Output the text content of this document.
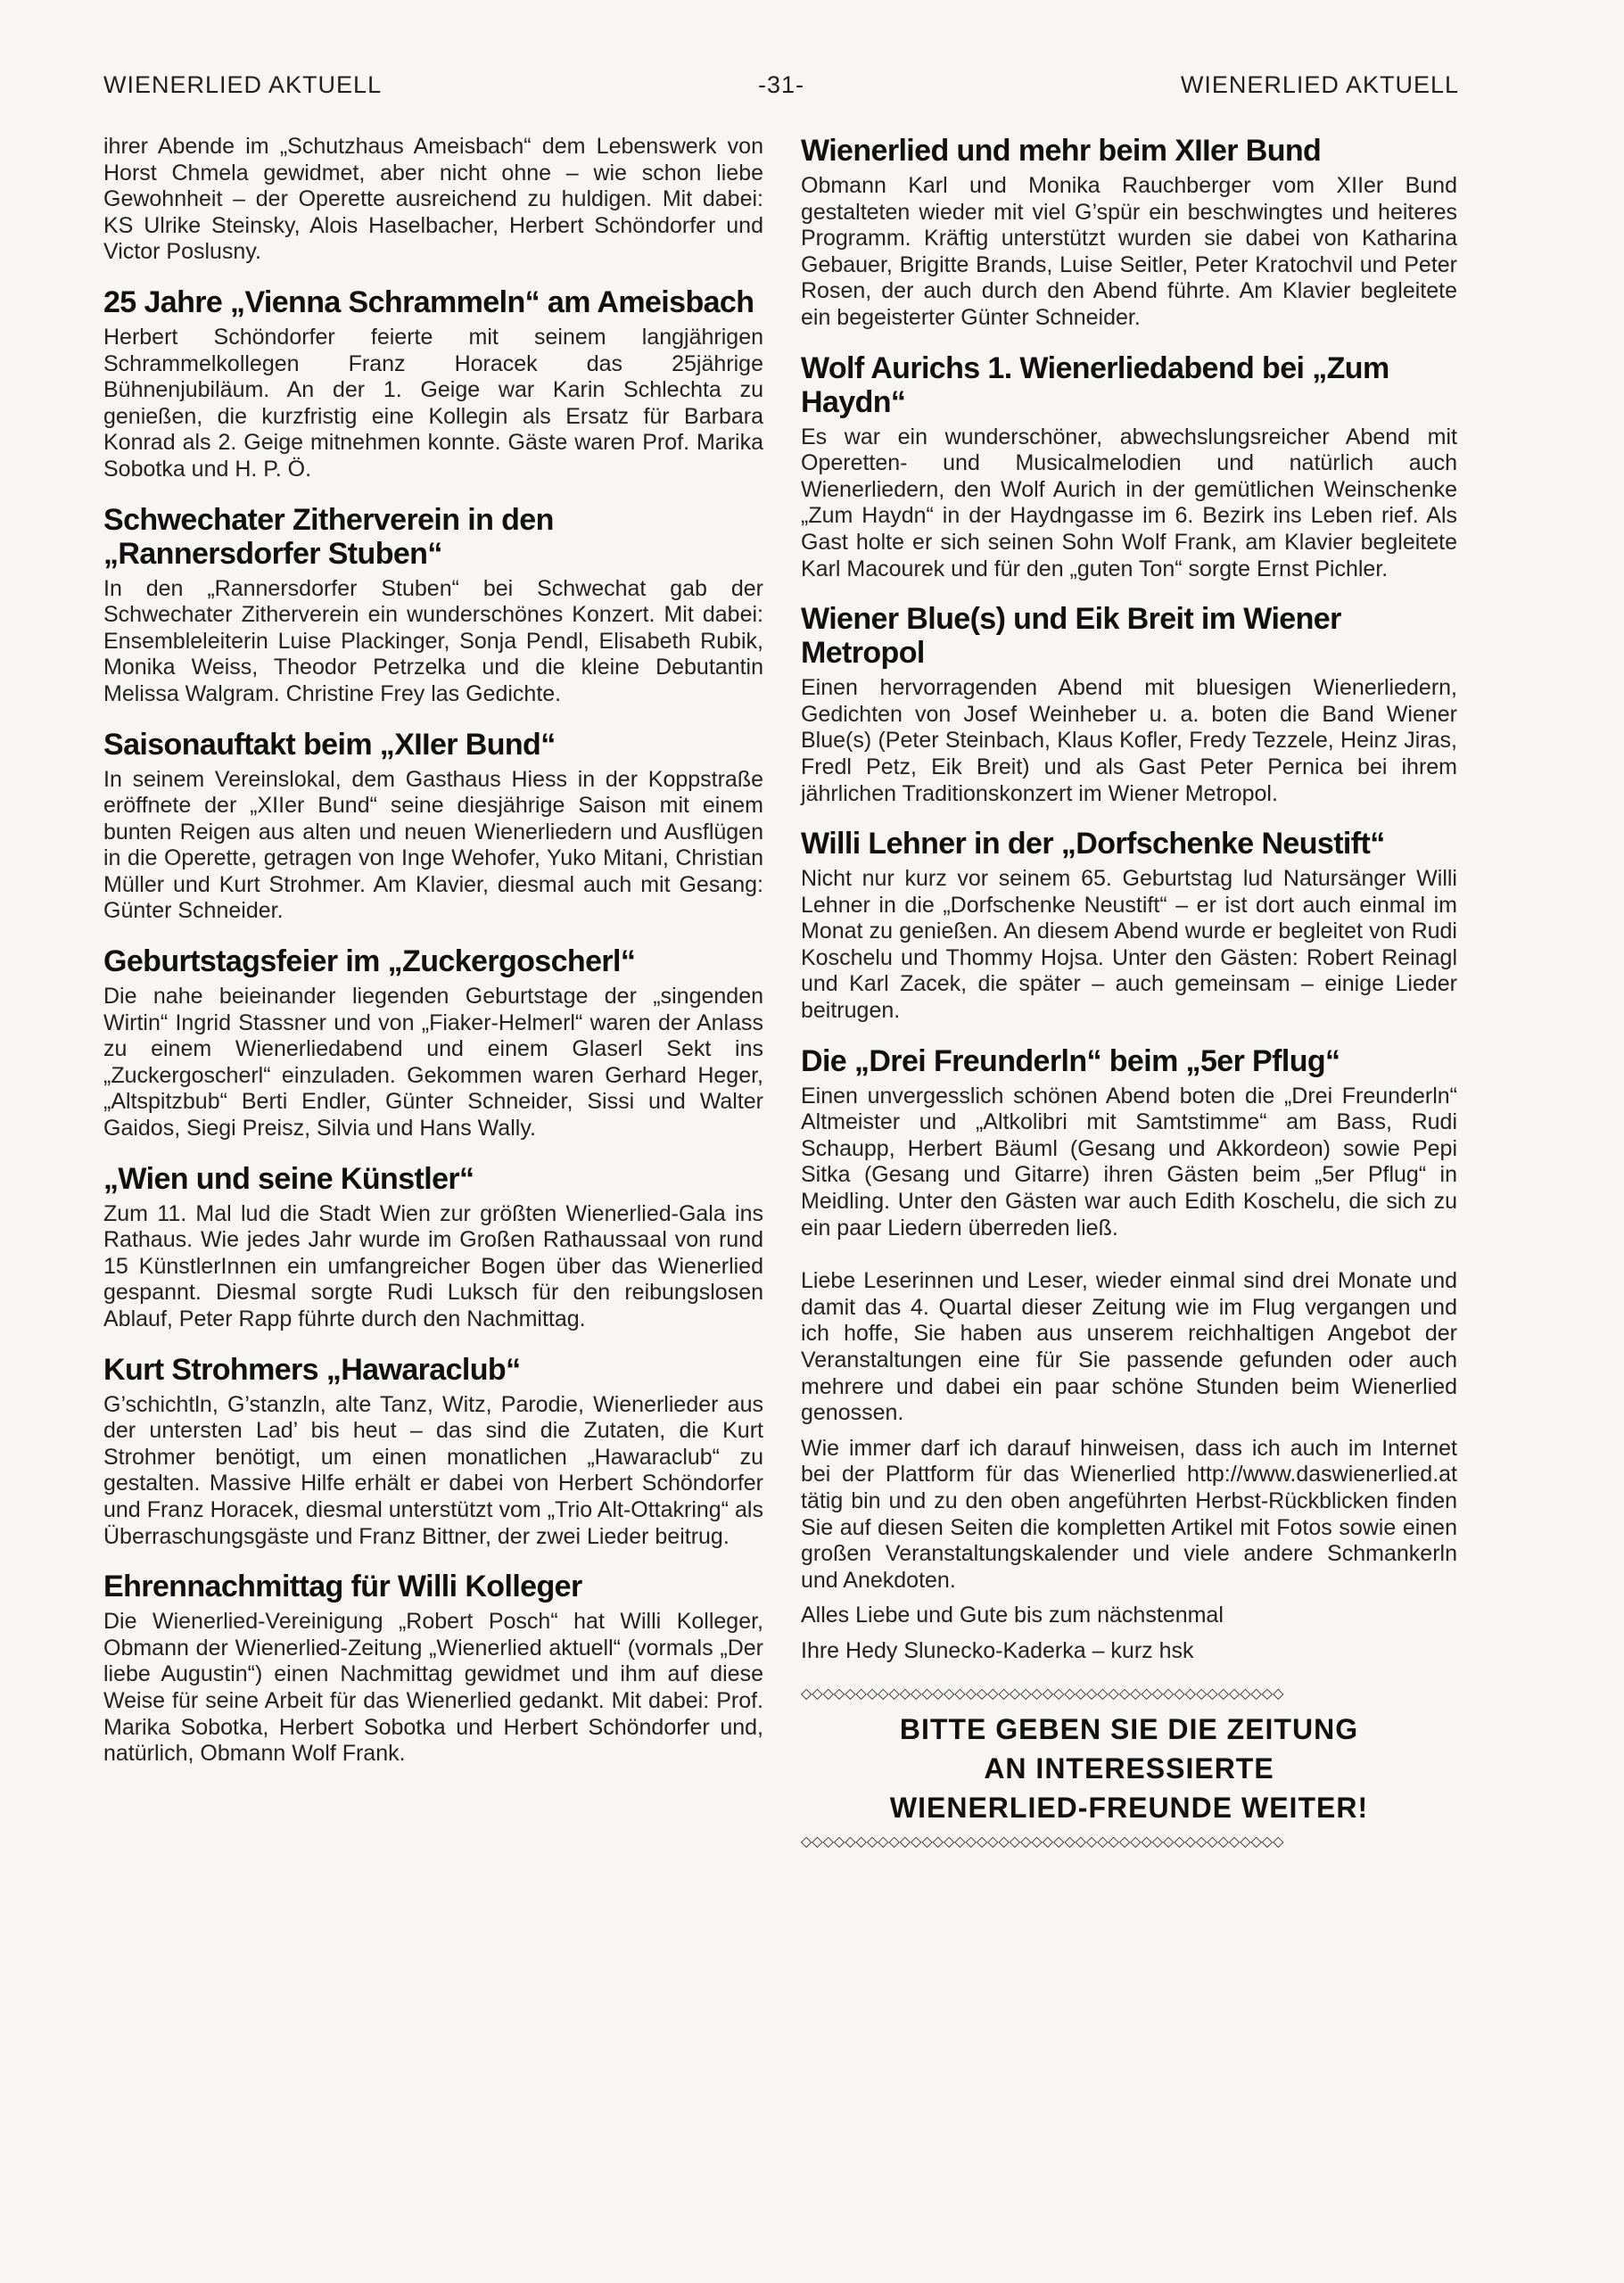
WIENERLIED AKTUELL	-31-	WIENERLIED AKTUELL

ihrer Abende im „Schutzhaus Ameisbach“ dem Lebenswerk von Horst Chmela gewidmet, aber nicht ohne – wie schon liebe Gewohnheit – der Operette ausreichend zu huldigen. Mit dabei: KS Ulrike Steinsky, Alois Haselbacher, Herbert Schöndorfer und Victor Poslusny.

25 Jahre „Vienna Schrammeln“ am Ameisbach

Herbert Schöndorfer feierte mit seinem langjährigen Schrammelkollegen Franz Horacek das 25jährige Bühnenjubiläum. An der 1. Geige war Karin Schlechta zu genießen, die kurzfristig eine Kollegin als Ersatz für Barbara Konrad als 2. Geige mitnehmen konnte. Gäste waren Prof. Marika Sobotka und H. P. Ö.

Schwechater Zitherverein in den „Rannersdorfer Stuben“

In den „Rannersdorfer Stuben“ bei Schwechat gab der Schwechater Zitherverein ein wunderschönes Konzert. Mit dabei: Ensembleleiterin Luise Plackinger, Sonja Pendl, Elisabeth Rubik, Monika Weiss, Theodor Petrzelka und die kleine Debutantin Melissa Walgram. Christine Frey las Gedichte.

Saisonauftakt beim „XIIer Bund“

In seinem Vereinslokal, dem Gasthaus Hiess in der Koppstraße eröffnete der „XIIer Bund“ seine diesjährige Saison mit einem bunten Reigen aus alten und neuen Wienerliedern und Ausflügen in die Operette, getragen von Inge Wehofer, Yuko Mitani, Christian Müller und Kurt Strohmer. Am Klavier, diesmal auch mit Gesang: Günter Schneider.

Geburtstagsfeier im „Zuckergoscherl“

Die nahe beieinander liegenden Geburtstage der „singenden Wirtin“ Ingrid Stassner und von „Fiaker-Helmerl“ waren der Anlass zu einem Wienerliedabend und einem Glaserl Sekt ins „Zuckergoscherl“ einzuladen. Gekommen waren Gerhard Heger, „Altspitzbub“ Berti Endler, Günter Schneider, Sissi und Walter Gaidos, Siegi Preisz, Silvia und Hans Wally.

„Wien und seine Künstler“

Zum 11. Mal lud die Stadt Wien zur größten Wienerlied-Gala ins Rathaus. Wie jedes Jahr wurde im Großen Rathaussaal von rund 15 KünstlerInnen ein umfangreicher Bogen über das Wienerlied gespannt. Diesmal sorgte Rudi Luksch für den reibungslosen Ablauf, Peter Rapp führte durch den Nachmittag.

Kurt Strohmers „Hawaraclub“

G’schichtln, G’stanzln, alte Tanz, Witz, Parodie, Wienerlieder aus der untersten Lad’ bis heut – das sind die Zutaten, die Kurt Strohmer benötigt, um einen monatlichen „Hawaraclub“ zu gestalten. Massive Hilfe erhält er dabei von Herbert Schöndorfer und Franz Horacek, diesmal unterstützt vom „Trio Alt-Ottakring“ als Überraschungsgäste und Franz Bittner, der zwei Lieder beitrug.

Ehrennachmittag für Willi Kolleger

Die Wienerlied-Vereinigung „Robert Posch“ hat Willi Kolleger, Obmann der Wienerlied-Zeitung „Wienerlied aktuell“ (vormals „Der liebe Augustin“) einen Nachmittag gewidmet und ihm auf diese Weise für seine Arbeit für das Wienerlied gedankt. Mit dabei: Prof. Marika Sobotka, Herbert Sobotka und Herbert Schöndorfer und, natürlich, Obmann Wolf Frank.

Wienerlied und mehr beim XIIer Bund

Obmann Karl und Monika Rauchberger vom XIIer Bund gestalteten wieder mit viel G’spür ein beschwingtes und heiteres Programm. Kräftig unterstützt wurden sie dabei von Katharina Gebauer, Brigitte Brands, Luise Seitler, Peter Kratochvil und Peter Rosen, der auch durch den Abend führte. Am Klavier begleitete ein begeisterter Günter Schneider.

Wolf Aurichs 1. Wienerliedabend bei „Zum Haydn“

Es war ein wunderschöner, abwechslungsreicher Abend mit Operetten- und Musicalmelodien und natürlich auch Wienerliedern, den Wolf Aurich in der gemütlichen Weinschenke „Zum Haydn“ in der Haydngasse im 6. Bezirk ins Leben rief. Als Gast holte er sich seinen Sohn Wolf Frank, am Klavier begleitete Karl Macourek und für den „guten Ton“ sorgte Ernst Pichler.

Wiener Blue(s) und Eik Breit im Wiener Metropol

Einen hervorragenden Abend mit bluesigen Wienerliedern, Gedichten von Josef Weinheber u. a. boten die Band Wiener Blue(s) (Peter Steinbach, Klaus Kofler, Fredy Tezzele, Heinz Jiras, Fredl Petz, Eik Breit) und als Gast Peter Pernica bei ihrem jährlichen Traditionskonzert im Wiener Metropol.

Willi Lehner in der „Dorfschenke Neustift“

Nicht nur kurz vor seinem 65. Geburtstag lud Natursänger Willi Lehner in die „Dorfschenke Neustift“ – er ist dort auch einmal im Monat zu genießen. An diesem Abend wurde er begleitet von Rudi Koschelu und Thommy Hojsa. Unter den Gästen: Robert Reinagl und Karl Zacek, die später – auch gemeinsam – einige Lieder beitrugen.

Die „Drei Freunderln“ beim „5er Pflug“

Einen unvergesslich schönen Abend boten die „Drei Freunderln“ Altmeister und „Altkolibri mit Samtstimme“ am Bass, Rudi Schaupp, Herbert Bäuml (Gesang und Akkordeon) sowie Pepi Sitka (Gesang und Gitarre) ihren Gästen beim „5er Pflug“ in Meidling. Unter den Gästen war auch Edith Koschelu, die sich zu ein paar Liedern überreden ließ.

Liebe Leserinnen und Leser, wieder einmal sind drei Monate und damit das 4. Quartal dieser Zeitung wie im Flug vergangen und ich hoffe, Sie haben aus unserem reichhaltigen Angebot der Veranstaltungen eine für Sie passende gefunden oder auch mehrere und dabei ein paar schöne Stunden beim Wienerlied genossen.

Wie immer darf ich darauf hinweisen, dass ich auch im Internet bei der Plattform für das Wienerlied http://www.daswienerlied.at tätig bin und zu den oben angeführten Herbst-Rückblicken finden Sie auf diesen Seiten die kompletten Artikel mit Fotos sowie einen großen Veranstaltungskalender und viele andere Schmankerln und Anekdoten.

Alles Liebe und Gute bis zum nächstenmal

Ihre Hedy Slunecko-Kaderka – kurz hsk

◇◇◇◇◇◇◇◇◇◇◇◇◇◇◇◇◇◇◇◇◇◇◇◇◇◇◇◇◇◇◇◇◇◇◇◇◇◇◇◇◇◇◇◇
BITTE GEBEN SIE DIE ZEITUNG
AN INTERESSIERTE
WIENERLIED-FREUNDE WEITER!
◇◇◇◇◇◇◇◇◇◇◇◇◇◇◇◇◇◇◇◇◇◇◇◇◇◇◇◇◇◇◇◇◇◇◇◇◇◇◇◇◇◇◇◇
